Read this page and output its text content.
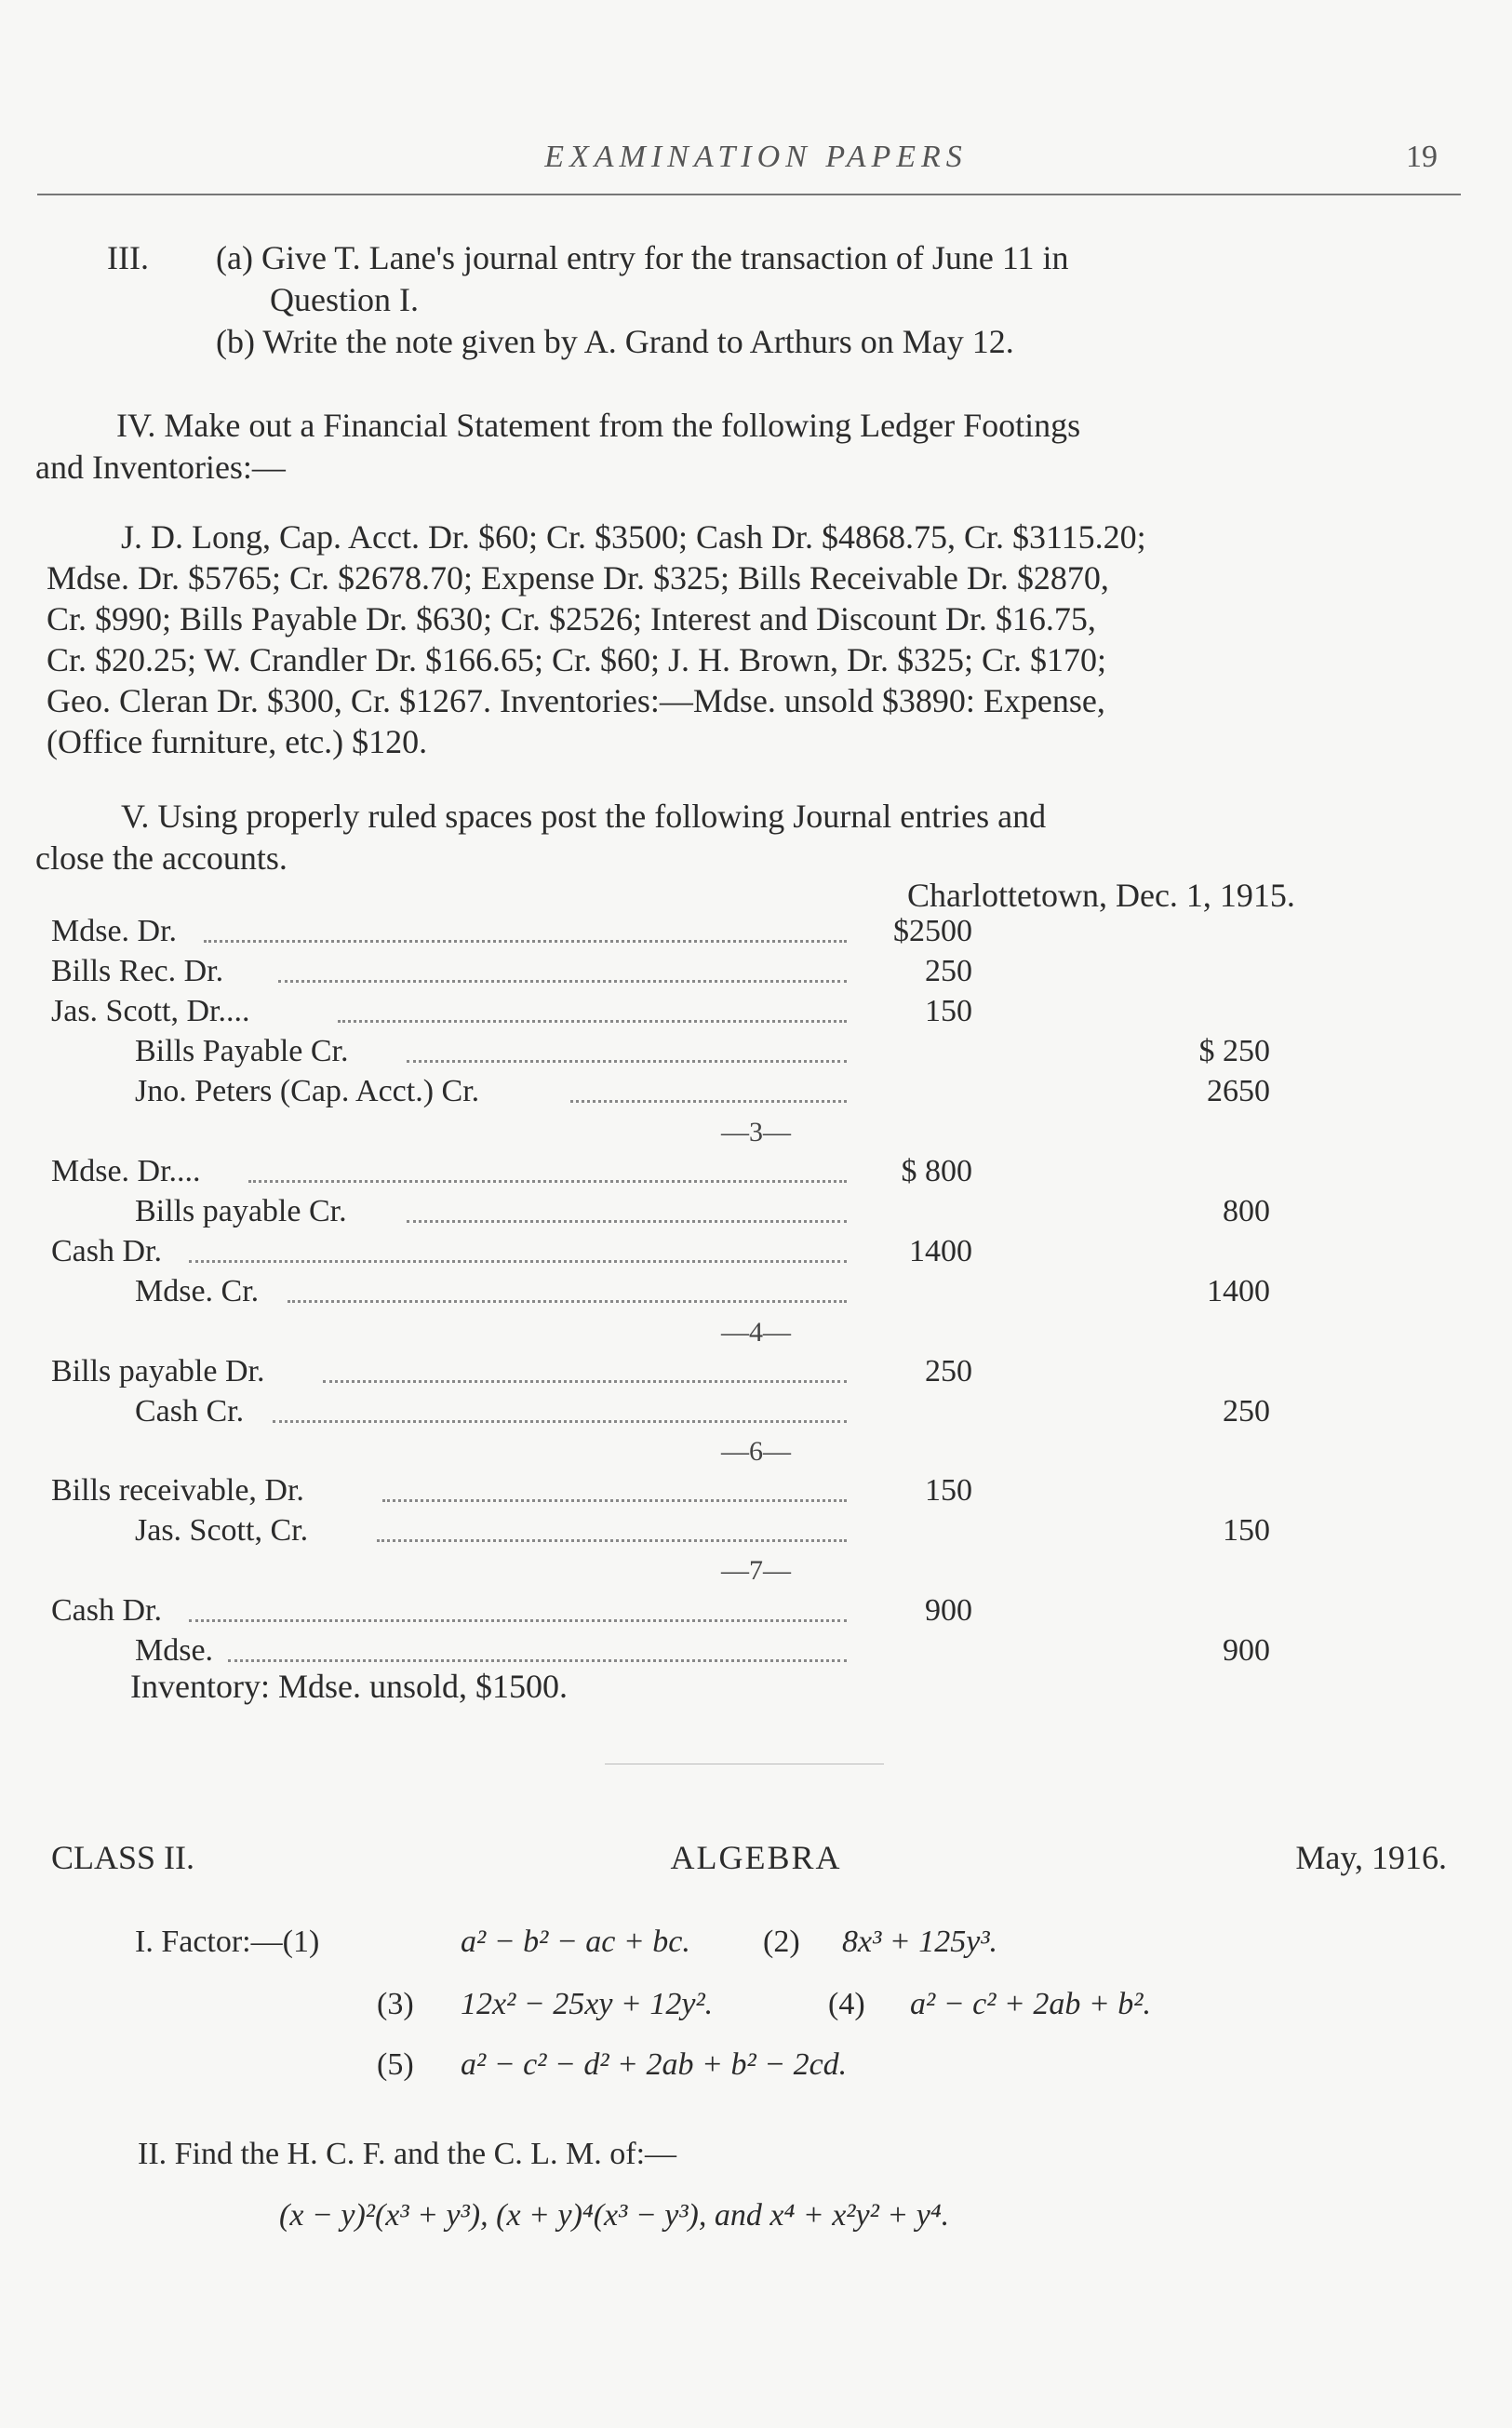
EXAMINATION PAPERS	19
III. (a) Give T. Lane's journal entry for the transaction of June 11 in
Question I.
(b) Write the note given by A. Grand to Arthurs on May 12.
IV. Make out a Financial Statement from the following Ledger Footings
and Inventories:—
J. D. Long, Cap. Acct. Dr. $60; Cr. $3500; Cash Dr. $4868.75, Cr. $3115.20;
Mdse. Dr. $5765; Cr. $2678.70; Expense Dr. $325; Bills Receivable Dr. $2870,
Cr. $990; Bills Payable Dr. $630; Cr. $2526; Interest and Discount Dr. $16.75,
Cr. $20.25; W. Crandler Dr. $166.65; Cr. $60; J. H. Brown, Dr. $325; Cr. $170;
Geo. Cleran Dr. $300, Cr. $1267. Inventories:—Mdse. unsold $3890: Expense,
(Office furniture, etc.) $120.
V. Using properly ruled spaces post the following Journal entries and
close the accounts.
Charlottetown, Dec. 1, 1915.
Mdse. Dr.	$2500
Bills Rec. Dr.	250
Jas. Scott, Dr....	150
Bills Payable Cr.	$ 250
Jno. Peters (Cap. Acct.) Cr.	2650
—3—
Mdse. Dr....	$ 800
Bills payable Cr.	800
Cash Dr.	1400
Mdse. Cr.	1400
—4—
Bills payable Dr.	250
Cash Cr.	250
—6—
Bills receivable, Dr.	150
Jas. Scott, Cr.	150
—7—
Cash Dr.	900
Mdse.	900
Inventory: Mdse. unsold, $1500.
CLASS II.	ALGEBRA	May, 1916.
I. Factor:—(1)	a² − b² − ac + bc. (2) 8x³ + 125y³.
(3) 12x² − 25xy + 12y².	(4) a² − c² + 2ab + b².
(5) a² − c² − d² + 2ab + b² − 2cd.
II. Find the H. C. F. and the C. L. M. of:—
(x − y)²(x³ + y³), (x + y)⁴(x³ − y³), and x⁴ + x²y² + y⁴.
